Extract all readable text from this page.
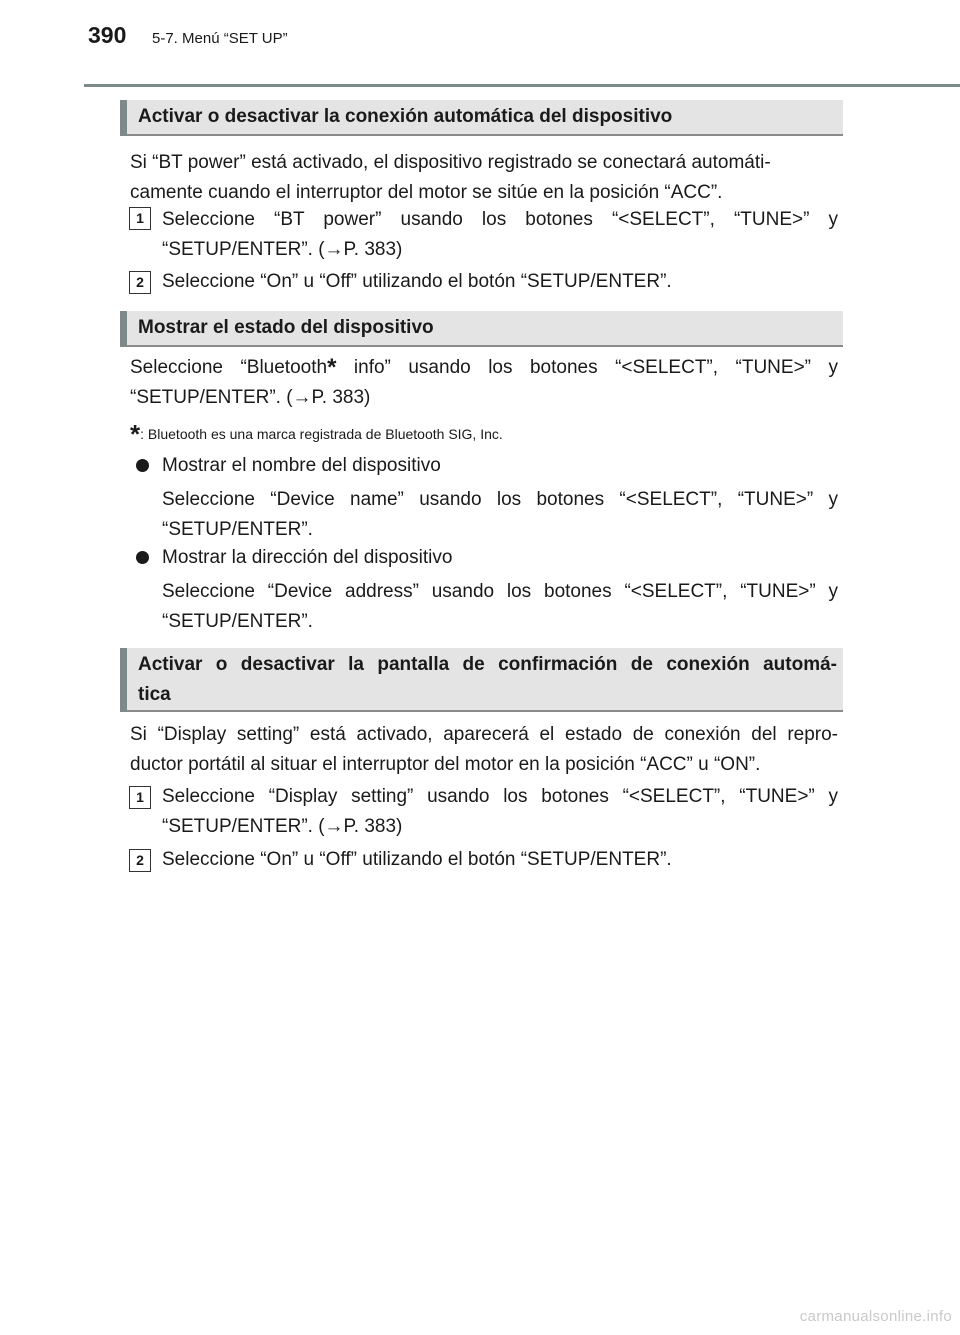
390 5-7. Menú “SET UP”
Activar o desactivar la conexión automática del dispositivo
Si “BT power” está activado, el dispositivo registrado se conectará automáti-
camente cuando el interruptor del motor se sitúe en la posición “ACC”.
1 Seleccione “BT power” usando los botones “<SELECT”, “TUNE>” y
“SETUP/ENTER”. (→P. 383)
2 Seleccione “On” u “Off” utilizando el botón “SETUP/ENTER”.
Mostrar el estado del dispositivo
Seleccione “Bluetooth* info” usando los botones “<SELECT”, “TUNE>” y
“SETUP/ENTER”. (→P. 383)
*: Bluetooth es una marca registrada de Bluetooth SIG, Inc.
Mostrar el nombre del dispositivo
Seleccione “Device name” usando los botones “<SELECT”, “TUNE>” y
“SETUP/ENTER”.
Mostrar la dirección del dispositivo
Seleccione “Device address” usando los botones “<SELECT”, “TUNE>” y
“SETUP/ENTER”.
Activar o desactivar la pantalla de confirmación de conexión automá-
tica
Si “Display setting” está activado, aparecerá el estado de conexión del repro-
ductor portátil al situar el interruptor del motor en la posición “ACC” u “ON”.
1 Seleccione “Display setting” usando los botones “<SELECT”, “TUNE>” y
“SETUP/ENTER”. (→P. 383)
2 Seleccione “On” u “Off” utilizando el botón “SETUP/ENTER”.
carmanualsonline.info
